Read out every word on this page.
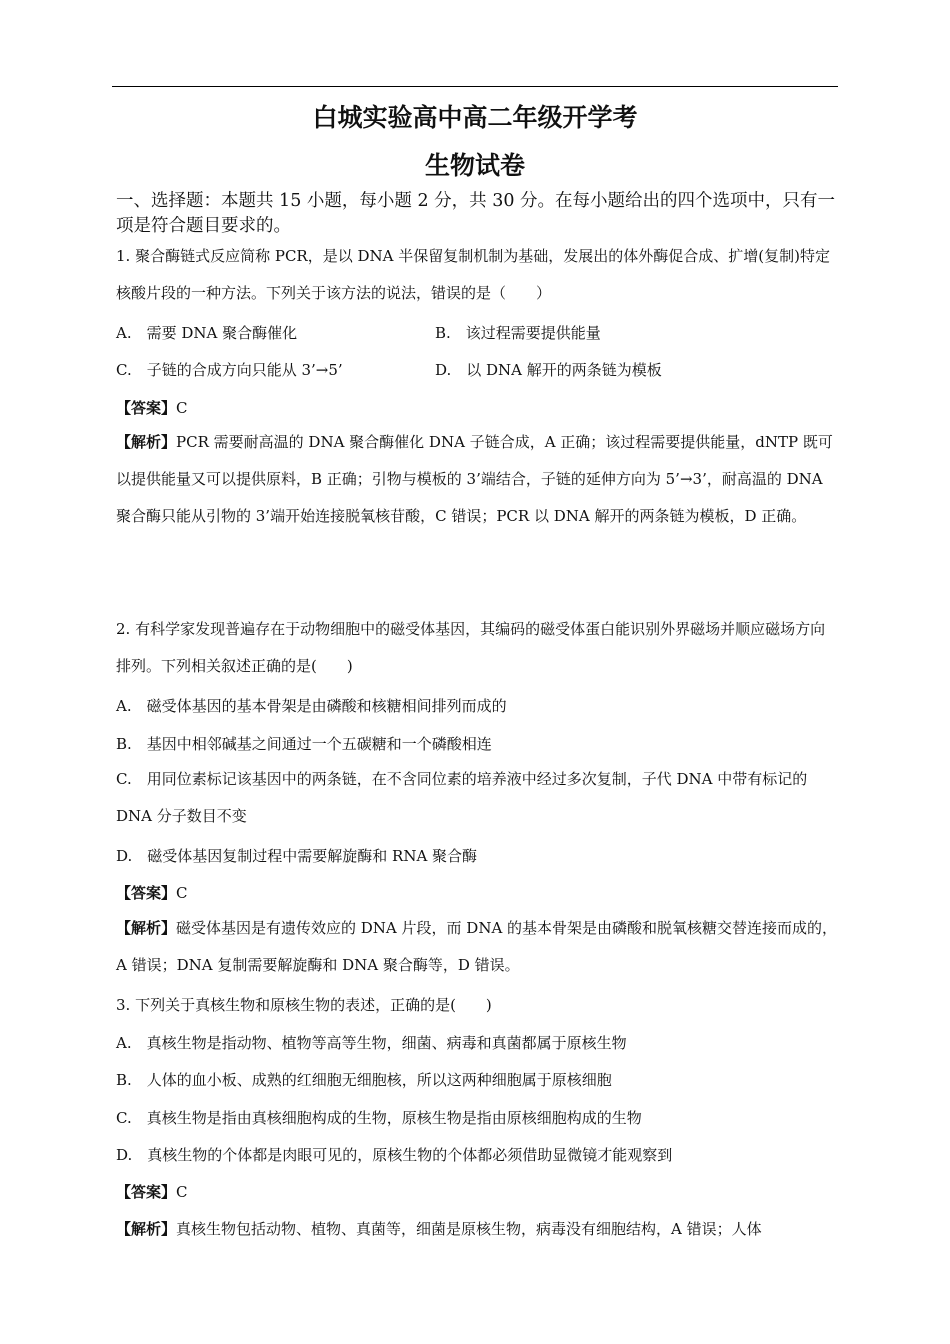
白城实验高中高二年级开学考
生物试卷
一、选择题：本题共 15 小题，每小题 2 分，共 30 分。在每小题给出的四个选项中，只有一项是符合题目要求的。
1. 聚合酶链式反应简称 PCR，是以 DNA 半保留复制机制为基础，发展出的体外酶促合成、扩增(复制)特定核酸片段的一种方法。下列关于该方法的说法，错误的是（　　）
A.　需要 DNA 聚合酶催化	B.　该过程需要提供能量
C.　子链的合成方向只能从 3’→5’	D.　以 DNA 解开的两条链为模板
【答案】C
【解析】PCR 需要耐高温的 DNA 聚合酶催化 DNA 子链合成，A 正确；该过程需要提供能量，dNTP 既可以提供能量又可以提供原料，B 正确；引物与模板的 3’端结合，子链的延伸方向为 5’→3’，耐高温的 DNA 聚合酶只能从引物的 3’端开始连接脱氧核苷酸，C 错误；PCR 以 DNA 解开的两条链为模板，D 正确。
2. 有科学家发现普遍存在于动物细胞中的磁受体基因，其编码的磁受体蛋白能识别外界磁场并顺应磁场方向排列。下列相关叙述正确的是(　　)
A.　磁受体基因的基本骨架是由磷酸和核糖相间排列而成的
B.　基因中相邻碱基之间通过一个五碳糖和一个磷酸相连
C.　用同位素标记该基因中的两条链，在不含同位素的培养液中经过多次复制，子代 DNA 中带有标记的 DNA 分子数目不变
D.　磁受体基因复制过程中需要解旋酶和 RNA 聚合酶
【答案】C
【解析】磁受体基因是有遗传效应的 DNA 片段，而 DNA 的基本骨架是由磷酸和脱氧核糖交替连接而成的，A 错误；DNA 复制需要解旋酶和 DNA 聚合酶等，D 错误。
3. 下列关于真核生物和原核生物的表述，正确的是(　　)
A.　真核生物是指动物、植物等高等生物，细菌、病毒和真菌都属于原核生物
B.　人体的血小板、成熟的红细胞无细胞核，所以这两种细胞属于原核细胞
C.　真核生物是指由真核细胞构成的生物，原核生物是指由原核细胞构成的生物
D.　真核生物的个体都是肉眼可见的，原核生物的个体都必须借助显微镜才能观察到
【答案】C
【解析】真核生物包括动物、植物、真菌等，细菌是原核生物，病毒没有细胞结构，A 错误；人体
